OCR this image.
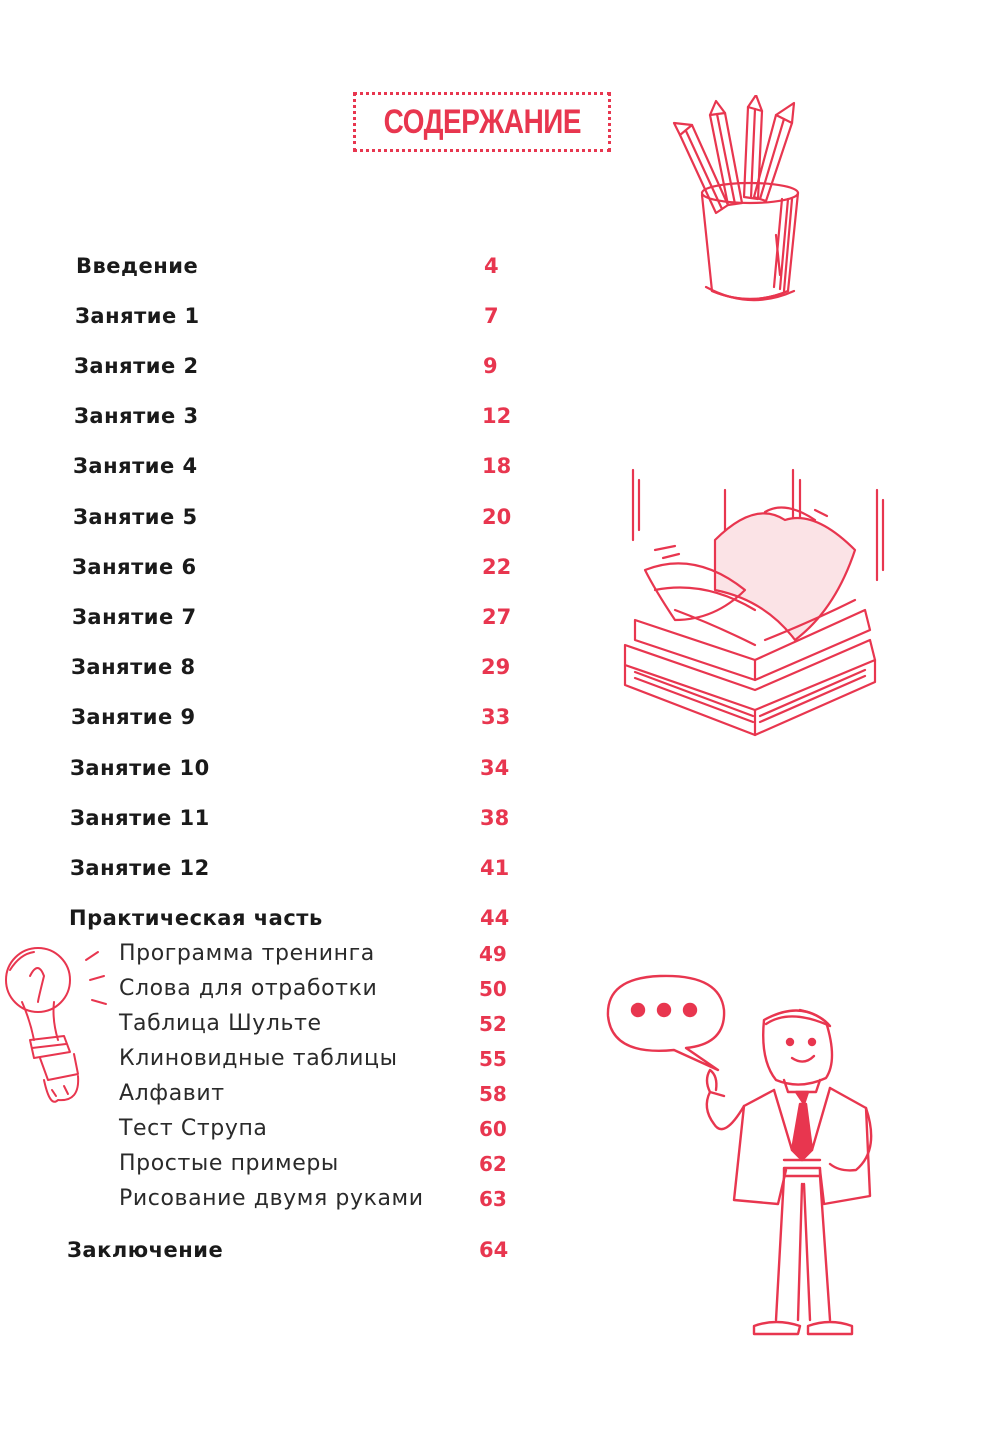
СОДЕРЖАНИЕ
Введение	4
Занятие 1	7
Занятие 2	9
Занятие 3	12
Занятие 4	18
Занятие 5	20
Занятие 6	22
Занятие 7	27
Занятие 8	29
Занятие 9	33
Занятие 10	34
Занятие 11	38
Занятие 12	41
Практическая часть	44
Программа тренинга	49
Слова для отработки	50
Таблица Шульте	52
Клиновидные таблицы	55
Алфавит	58
Тест Струпа	60
Простые примеры	62
Рисование двумя руками	63
Заключение	64
